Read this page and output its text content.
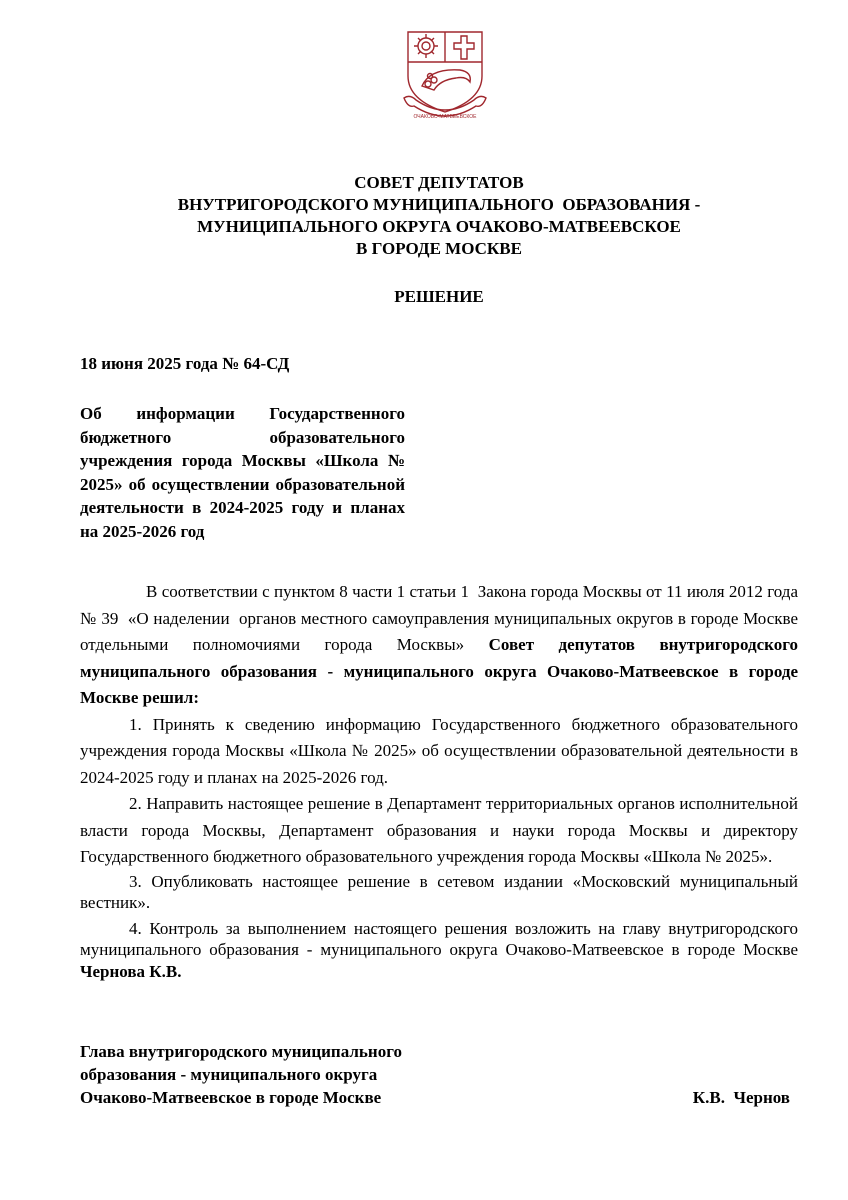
ОЧАКОВО-МАТВЕЕВСКОЕ
СОВЕТ ДЕПУТАТОВ
ВНУТРИГОРОДСКОГО МУНИЦИПАЛЬНОГО  ОБРАЗОВАНИЯ -
МУНИЦИПАЛЬНОГО ОКРУГА ОЧАКОВО-МАТВЕЕВСКОЕ
В ГОРОДЕ МОСКВЕ
РЕШЕНИЕ
18 июня 2025 года № 64-СД
Об информации Государственного бюджетного образовательного учреждения города Москвы «Школа № 2025» об осуществлении образовательной деятельности в 2024-2025 году и планах на 2025-2026 год

В соответствии с пунктом 8 части 1 статьи 1  Закона города Москвы от 11 июля 2012 года   № 39  «О наделении  органов местного самоуправления муниципальных округов в городе Москве отдельными полномочиями города Москвы» Совет депутатов внутригородского муниципального образования - муниципального округа Очаково-Матвеевское в городе Москве решил:

1. Принять к сведению информацию Государственного бюджетного образовательного учреждения города Москвы «Школа № 2025» об осуществлении образовательной деятельности в 2024-2025 году и планах на 2025-2026 год.

2. Направить настоящее решение в Департамент территориальных органов исполнительной власти города Москвы, Департамент образования и науки города Москвы и директору  Государственного бюджетного образовательного учреждения города Москвы «Школа № 2025».

3. Опубликовать настоящее решение в сетевом издании «Московский муниципальный вестник».

4. Контроль за выполнением настоящего решения возложить на главу внутригородского муниципального образования - муниципального округа Очаково-Матвеевское в городе Москве Чернова К.В.

Глава внутригородского муниципального
образования - муниципального округа
Очаково-Матвеевское в городе Москве	К.В.  Чернов
